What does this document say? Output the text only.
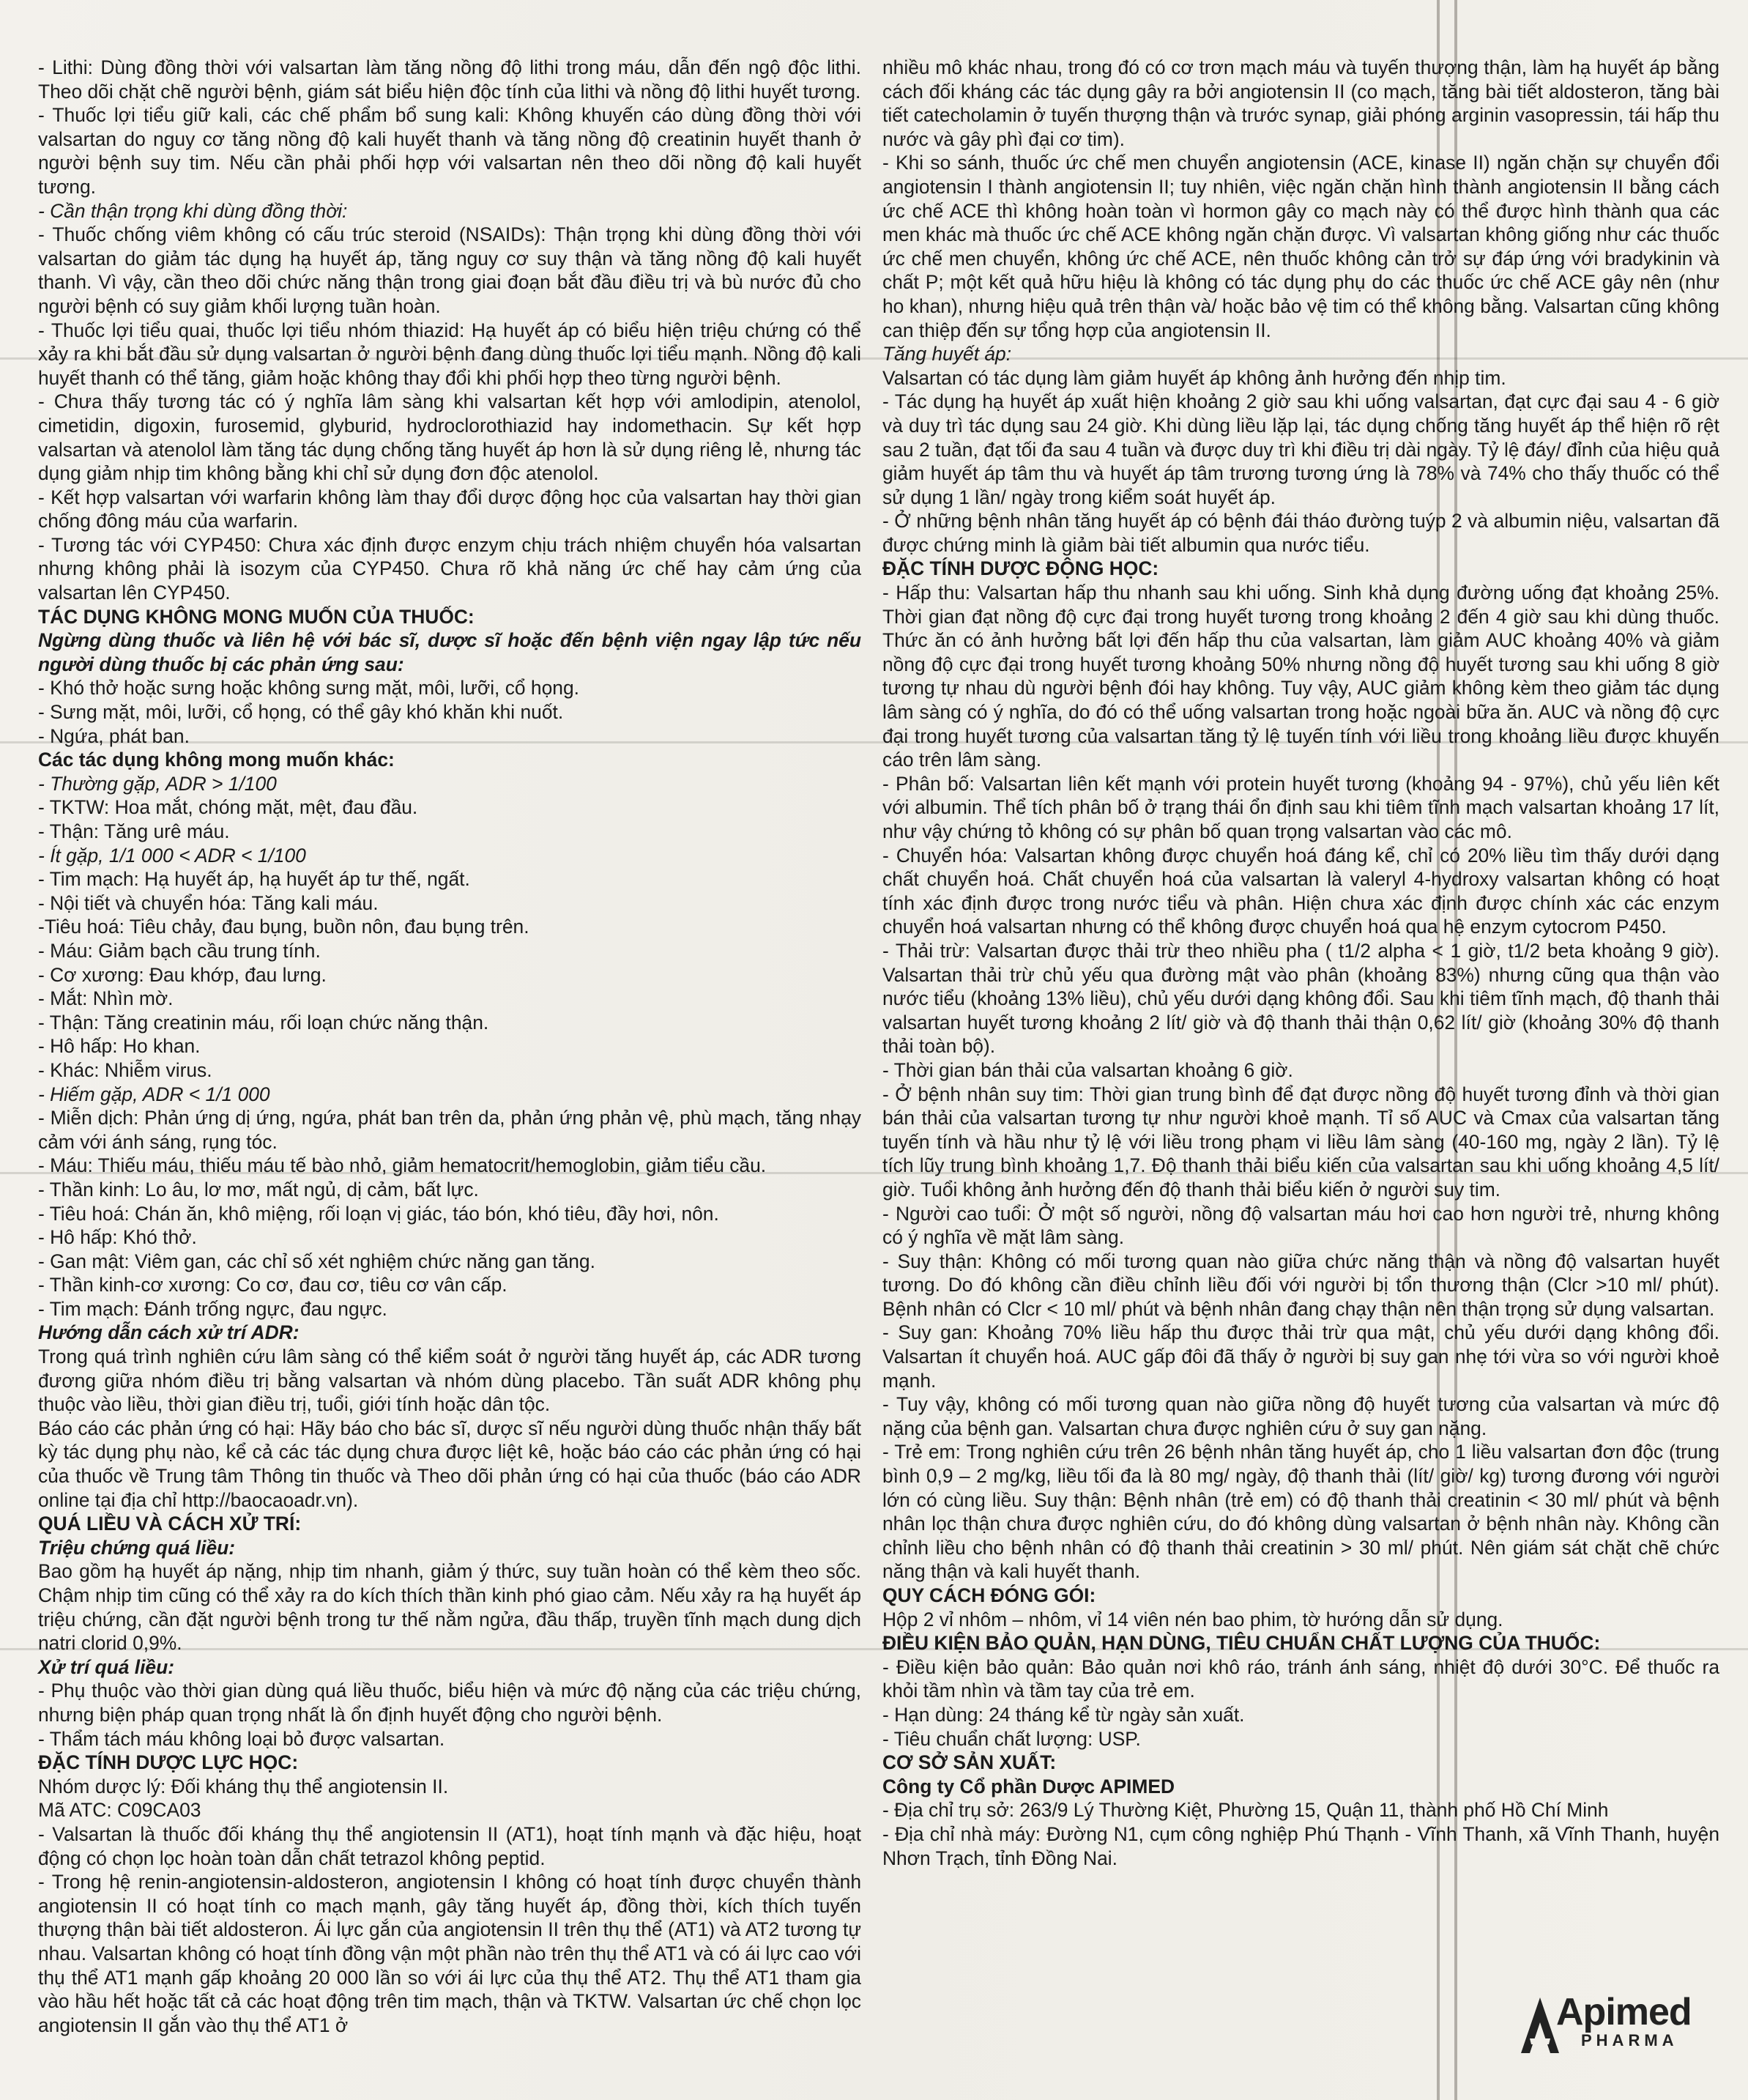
- Lithi: Dùng đồng thời với valsartan làm tăng nồng độ lithi trong máu, dẫn đến ngộ độc lithi. Theo dõi chặt chẽ người bệnh, giám sát biểu hiện độc tính của lithi và nồng độ lithi huyết tương.

- Thuốc lợi tiểu giữ kali, các chế phẩm bổ sung kali: Không khuyến cáo dùng đồng thời với valsartan do nguy cơ tăng nồng độ kali huyết thanh và tăng nồng độ creatinin huyết thanh ở người bệnh suy tim. Nếu cần phải phối hợp với valsartan nên theo dõi nồng độ kali huyết tương.

- Cần thận trọng khi dùng đồng thời:

- Thuốc chống viêm không có cấu trúc steroid (NSAIDs): Thận trọng khi dùng đồng thời với valsartan do giảm tác dụng hạ huyết áp, tăng nguy cơ suy thận và tăng nồng độ kali huyết thanh. Vì vậy, cần theo dõi chức năng thận trong giai đoạn bắt đầu điều trị và bù nước đủ cho người bệnh có suy giảm khối lượng tuần hoàn.

- Thuốc lợi tiểu quai, thuốc lợi tiểu nhóm thiazid: Hạ huyết áp có biểu hiện triệu chứng có thể xảy ra khi bắt đầu sử dụng valsartan ở người bệnh đang dùng thuốc lợi tiểu mạnh. Nồng độ kali huyết thanh có thể tăng, giảm hoặc không thay đổi khi phối hợp theo từng người bệnh.

- Chưa thấy tương tác có ý nghĩa lâm sàng khi valsartan kết hợp với amlodipin, atenolol, cimetidin, digoxin, furosemid, glyburid, hydroclorothiazid hay indomethacin. Sự kết hợp valsartan và atenolol làm tăng tác dụng chống tăng huyết áp hơn là sử dụng riêng lẻ, nhưng tác dụng giảm nhịp tim không bằng khi chỉ sử dụng đơn độc atenolol.

- Kết hợp valsartan với warfarin không làm thay đổi dược động học của valsartan hay thời gian chống đông máu của warfarin.

- Tương tác với CYP450: Chưa xác định được enzym chịu trách nhiệm chuyển hóa valsartan nhưng không phải là isozym của CYP450. Chưa rõ khả năng ức chế hay cảm ứng của valsartan lên CYP450.

TÁC DỤNG KHÔNG MONG MUỐN CỦA THUỐC:

Ngừng dùng thuốc và liên hệ với bác sĩ, dược sĩ hoặc đến bệnh viện ngay lập tức nếu người dùng thuốc bị các phản ứng sau:

- Khó thở hoặc sưng hoặc không sưng mặt, môi, lưỡi, cổ họng.

- Sưng mặt, môi, lưỡi, cổ họng, có thể gây khó khăn khi nuốt.

- Ngứa, phát ban.

Các tác dụng không mong muốn khác:

- Thường gặp, ADR > 1/100

- TKTW: Hoa mắt, chóng mặt, mệt, đau đầu.

- Thận: Tăng urê máu.

- Ít gặp, 1/1 000 < ADR < 1/100

- Tim mạch: Hạ huyết áp, hạ huyết áp tư thế, ngất.

- Nội tiết và chuyển hóa: Tăng kali máu.

-Tiêu hoá: Tiêu chảy, đau bụng, buồn nôn, đau bụng trên.

- Máu: Giảm bạch cầu trung tính.

- Cơ xương: Đau khớp, đau lưng.

- Mắt: Nhìn mờ.

- Thận: Tăng creatinin máu, rối loạn chức năng thận.

- Hô hấp: Ho khan.

- Khác: Nhiễm virus.

- Hiếm gặp, ADR < 1/1 000

- Miễn dịch: Phản ứng dị ứng, ngứa, phát ban trên da, phản ứng phản vệ, phù mạch, tăng nhạy cảm với ánh sáng, rụng tóc.

- Máu: Thiếu máu, thiếu máu tế bào nhỏ, giảm hematocrit/hemoglobin, giảm tiểu cầu.

- Thần kinh: Lo âu, lơ mơ, mất ngủ, dị cảm, bất lực.

- Tiêu hoá: Chán ăn, khô miệng, rối loạn vị giác, táo bón, khó tiêu, đầy hơi, nôn.

- Hô hấp: Khó thở.

- Gan mật: Viêm gan, các chỉ số xét nghiệm chức năng gan tăng.

- Thần kinh-cơ xương: Co cơ, đau cơ, tiêu cơ vân cấp.

- Tim mạch: Đánh trống ngực, đau ngực.

Hướng dẫn cách xử trí ADR:

Trong quá trình nghiên cứu lâm sàng có thể kiểm soát ở người tăng huyết áp, các ADR tương đương giữa nhóm điều trị bằng valsartan và nhóm dùng placebo. Tần suất ADR không phụ thuộc vào liều, thời gian điều trị, tuổi, giới tính hoặc dân tộc.

Báo cáo các phản ứng có hại: Hãy báo cho bác sĩ, dược sĩ nếu người dùng thuốc nhận thấy bất kỳ tác dụng phụ nào, kể cả các tác dụng chưa được liệt kê, hoặc báo cáo các phản ứng có hại của thuốc về Trung tâm Thông tin thuốc và Theo dõi phản ứng có hại của thuốc (báo cáo ADR online tại địa chỉ http://baocaoadr.vn).

QUÁ LIỀU VÀ CÁCH XỬ TRÍ:

Triệu chứng quá liều:

Bao gồm hạ huyết áp nặng, nhịp tim nhanh, giảm ý thức, suy tuần hoàn có thể kèm theo sốc. Chậm nhịp tim cũng có thể xảy ra do kích thích thần kinh phó giao cảm. Nếu xảy ra hạ huyết áp triệu chứng, cần đặt người bệnh trong tư thế nằm ngửa, đầu thấp, truyền tĩnh mạch dung dịch natri clorid 0,9%.

Xử trí quá liều:

- Phụ thuộc vào thời gian dùng quá liều thuốc, biểu hiện và mức độ nặng của các triệu chứng, nhưng biện pháp quan trọng nhất là ổn định huyết động cho người bệnh.

- Thẩm tách máu không loại bỏ được valsartan.

ĐẶC TÍNH DƯỢC LỰC HỌC:

Nhóm dược lý: Đối kháng thụ thể angiotensin II.

Mã ATC: C09CA03

- Valsartan là thuốc đối kháng thụ thể angiotensin II (AT1), hoạt tính mạnh và đặc hiệu, hoạt động có chọn lọc hoàn toàn dẫn chất tetrazol không peptid.

- Trong hệ renin-angiotensin-aldosteron, angiotensin I không có hoạt tính được chuyển thành angiotensin II có hoạt tính co mạch mạnh, gây tăng huyết áp, đồng thời, kích thích tuyến thượng thận bài tiết aldosteron. Ái lực gắn của angiotensin II trên thụ thể (AT1) và AT2 tương tự nhau. Valsartan không có hoạt tính đồng vận một phần nào trên thụ thể AT1 và có ái lực cao với thụ thể AT1 mạnh gấp khoảng 20 000 lần so với ái lực của thụ thể AT2. Thụ thể AT1 tham gia vào hầu hết hoặc tất cả các hoạt động trên tim mạch, thận và TKTW. Valsartan ức chế chọn lọc angiotensin II gắn vào thụ thể AT1 ở

nhiều mô khác nhau, trong đó có cơ trơn mạch máu và tuyến thượng thận, làm hạ huyết áp bằng cách đối kháng các tác dụng gây ra bởi angiotensin II (co mạch, tăng bài tiết aldosteron, tăng bài tiết catecholamin ở tuyến thượng thận và trước synap, giải phóng arginin vasopressin, tái hấp thu nước và gây phì đại cơ tim).

- Khi so sánh, thuốc ức chế men chuyển angiotensin (ACE, kinase II) ngăn chặn sự chuyển đổi angiotensin I thành angiotensin II; tuy nhiên, việc ngăn chặn hình thành angiotensin II bằng cách ức chế ACE thì không hoàn toàn vì hormon gây co mạch này có thể được hình thành qua các men khác mà thuốc ức chế ACE không ngăn chặn được. Vì valsartan không giống như các thuốc ức chế men chuyển, không ức chế ACE, nên thuốc không cản trở sự đáp ứng với bradykinin và chất P; một kết quả hữu hiệu là không có tác dụng phụ do các thuốc ức chế ACE gây nên (như ho khan), nhưng hiệu quả trên thận và/ hoặc bảo vệ tim có thể không bằng. Valsartan cũng không can thiệp đến sự tổng hợp của angiotensin II.

Tăng huyết áp:

Valsartan có tác dụng làm giảm huyết áp không ảnh hưởng đến nhịp tim.

- Tác dụng hạ huyết áp xuất hiện khoảng 2 giờ sau khi uống valsartan, đạt cực đại sau 4 - 6 giờ và duy trì tác dụng sau 24 giờ. Khi dùng liều lặp lại, tác dụng chống tăng huyết áp thể hiện rõ rệt sau 2 tuần, đạt tối đa sau 4 tuần và được duy trì khi điều trị dài ngày. Tỷ lệ đáy/ đỉnh của hiệu quả giảm huyết áp tâm thu và huyết áp tâm trương tương ứng là 78% và 74% cho thấy thuốc có thể sử dụng 1 lần/ ngày trong kiểm soát huyết áp.

- Ở những bệnh nhân tăng huyết áp có bệnh đái tháo đường tuýp 2 và albumin niệu, valsartan đã được chứng minh là giảm bài tiết albumin qua nước tiểu.

ĐẶC TÍNH DƯỢC ĐỘNG HỌC:

- Hấp thu: Valsartan hấp thu nhanh sau khi uống. Sinh khả dụng đường uống đạt khoảng 25%. Thời gian đạt nồng độ cực đại trong huyết tương trong khoảng 2 đến 4 giờ sau khi dùng thuốc. Thức ăn có ảnh hưởng bất lợi đến hấp thu của valsartan, làm giảm AUC khoảng 40% và giảm nồng độ cực đại trong huyết tương khoảng 50% nhưng nồng độ huyết tương sau khi uống 8 giờ tương tự nhau dù người bệnh đói hay không. Tuy vậy, AUC giảm không kèm theo giảm tác dụng lâm sàng có ý nghĩa, do đó có thể uống valsartan trong hoặc ngoài bữa ăn. AUC và nồng độ cực đại trong huyết tương của valsartan tăng tỷ lệ tuyến tính với liều trong khoảng liều được khuyến cáo trên lâm sàng.

- Phân bố: Valsartan liên kết mạnh với protein huyết tương (khoảng 94 - 97%), chủ yếu liên kết với albumin. Thể tích phân bố ở trạng thái ổn định sau khi tiêm tĩnh mạch valsartan khoảng 17 lít, như vậy chứng tỏ không có sự phân bố quan trọng valsartan vào các mô.

- Chuyển hóa: Valsartan không được chuyển hoá đáng kể, chỉ có 20% liều tìm thấy dưới dạng chất chuyển hoá. Chất chuyển hoá của valsartan là valeryl 4-hydroxy valsartan không có hoạt tính xác định được trong nước tiểu và phân. Hiện chưa xác định được chính xác các enzym chuyển hoá valsartan nhưng có thể không được chuyển hoá qua hệ enzym cytocrom P450.

- Thải trừ: Valsartan được thải trừ theo nhiều pha ( t1/2 alpha < 1 giờ, t1/2 beta khoảng 9 giờ). Valsartan thải trừ chủ yếu qua đường mật vào phân (khoảng 83%) nhưng cũng qua thận vào nước tiểu (khoảng 13% liều), chủ yếu dưới dạng không đổi. Sau khi tiêm tĩnh mạch, độ thanh thải valsartan huyết tương khoảng 2 lít/ giờ và độ thanh thải thận 0,62 lít/ giờ (khoảng 30% độ thanh thải toàn bộ).

- Thời gian bán thải của valsartan khoảng 6 giờ.

- Ở bệnh nhân suy tim: Thời gian trung bình để đạt được nồng độ huyết tương đỉnh và thời gian bán thải của valsartan tương tự như người khoẻ mạnh. Tỉ số AUC và Cmax của valsartan tăng tuyến tính và hầu như tỷ lệ với liều trong phạm vi liều lâm sàng (40-160 mg, ngày 2 lần). Tỷ lệ tích lũy trung bình khoảng 1,7. Độ thanh thải biểu kiến của valsartan sau khi uống khoảng 4,5 lít/ giờ. Tuổi không ảnh hưởng đến độ thanh thải biểu kiến ở người suy tim.

- Người cao tuổi: Ở một số người, nồng độ valsartan máu hơi cao hơn người trẻ, nhưng không có ý nghĩa về mặt lâm sàng.

- Suy thận: Không có mối tương quan nào giữa chức năng thận và nồng độ valsartan huyết tương. Do đó không cần điều chỉnh liều đối với người bị tổn thương thận (Clcr >10 ml/ phút). Bệnh nhân có Clcr < 10 ml/ phút và bệnh nhân đang chạy thận nên thận trọng sử dụng valsartan.

- Suy gan: Khoảng 70% liều hấp thu được thải trừ qua mật, chủ yếu dưới dạng không đổi. Valsartan ít chuyển hoá. AUC gấp đôi đã thấy ở người bị suy gan nhẹ tới vừa so với người khoẻ mạnh.

- Tuy vậy, không có mối tương quan nào giữa nồng độ huyết tương của valsartan và mức độ nặng của bệnh gan. Valsartan chưa được nghiên cứu ở suy gan nặng.

- Trẻ em: Trong nghiên cứu trên 26 bệnh nhân tăng huyết áp, cho 1 liều valsartan đơn độc (trung bình 0,9 – 2 mg/kg, liều tối đa là 80 mg/ ngày, độ thanh thải (lít/ giờ/ kg) tương đương với người lớn có cùng liều. Suy thận: Bệnh nhân (trẻ em) có độ thanh thải creatinin < 30 ml/ phút và bệnh nhân lọc thận chưa được nghiên cứu, do đó không dùng valsartan ở bệnh nhân này. Không cần chỉnh liều cho bệnh nhân có độ thanh thải creatinin > 30 ml/ phút. Nên giám sát chặt chẽ chức năng thận và kali huyết thanh.

QUY CÁCH ĐÓNG GÓI:

Hộp 2 vỉ nhôm – nhôm, vỉ 14 viên nén bao phim, tờ hướng dẫn sử dụng.

ĐIỀU KIỆN BẢO QUẢN, HẠN DÙNG, TIÊU CHUẨN CHẤT LƯỢNG CỦA THUỐC:

- Điều kiện bảo quản: Bảo quản nơi khô ráo, tránh ánh sáng, nhiệt độ dưới 30°C. Để thuốc ra khỏi tầm nhìn và tầm tay của trẻ em.

- Hạn dùng: 24 tháng kể từ ngày sản xuất.

- Tiêu chuẩn chất lượng: USP.

CƠ SỞ SẢN XUẤT:

Công ty Cổ phần Dược APIMED

- Địa chỉ trụ sở: 263/9 Lý Thường Kiệt, Phường 15, Quận 11, thành phố Hồ Chí Minh

- Địa chỉ nhà máy: Đường N1, cụm công nghiệp Phú Thạnh - Vĩnh Thanh, xã Vĩnh Thanh, huyện Nhơn Trạch, tỉnh Đồng Nai.

Apimed
PHARMA
